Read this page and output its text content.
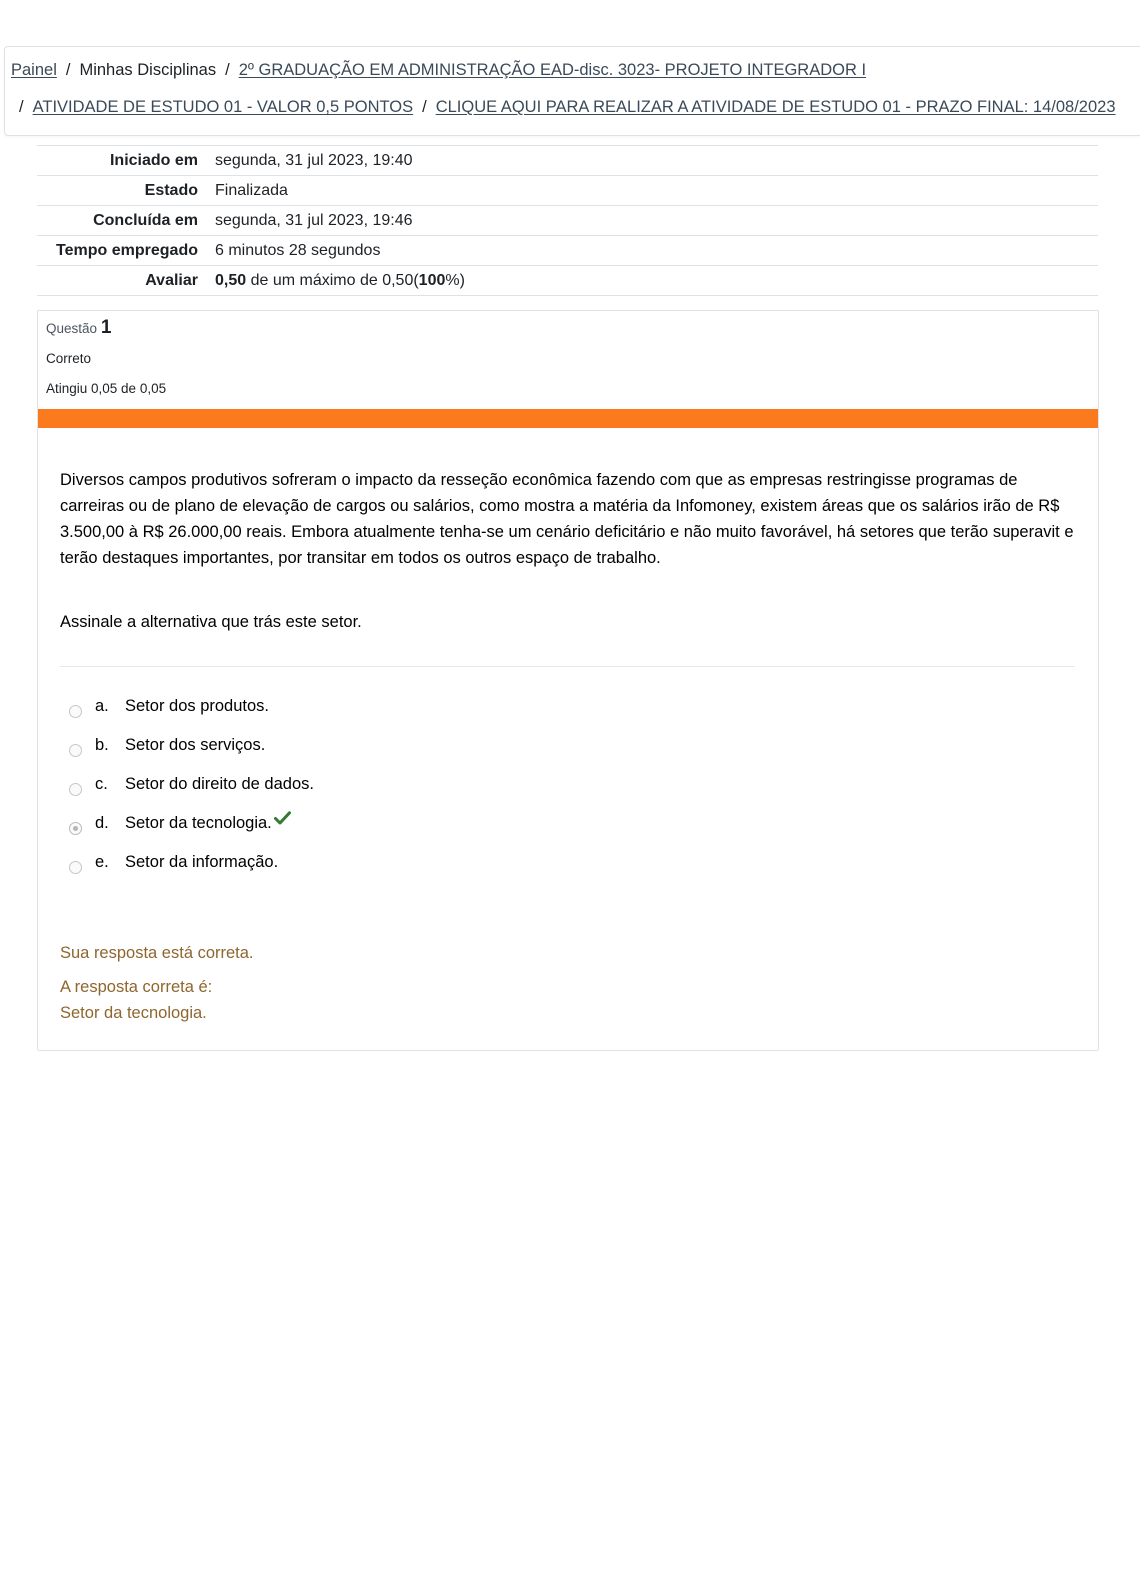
Painel / Minhas Disciplinas / 2º GRADUAÇÃO EM ADMINISTRAÇÃO EAD-disc. 3023- PROJETO INTEGRADOR I
/ ATIVIDADE DE ESTUDO 01 - VALOR 0,5 PONTOS / CLIQUE AQUI PARA REALIZAR A ATIVIDADE DE ESTUDO 01 - PRAZO FINAL: 14/08/2023
Iniciado em	segunda, 31 jul 2023, 19:40
Estado	Finalizada
Concluída em	segunda, 31 jul 2023, 19:46
Tempo empregado	6 minutos 28 segundos
Avaliar	0,50 de um máximo de 0,50(100%)
Questão 1
Correto
Atingiu 0,05 de 0,05
Diversos campos produtivos sofreram o impacto da resseção econômica fazendo com que as empresas restringisse programas de carreiras ou de plano de elevação de cargos ou salários, como mostra a matéria da Infomoney, existem áreas que os salários irão de R$ 3.500,00 à R$ 26.000,00 reais. Embora atualmente tenha-se um cenário deficitário e não muito favorável, há setores que terão superavit e terão destaques importantes, por transitar em todos os outros espaço de trabalho.
Assinale a alternativa que trás este setor.
a. Setor dos produtos.
b. Setor dos serviços.
c. Setor do direito de dados.
d. Setor da tecnologia.
e. Setor da informação.
Sua resposta está correta.
A resposta correta é:
Setor da tecnologia.
